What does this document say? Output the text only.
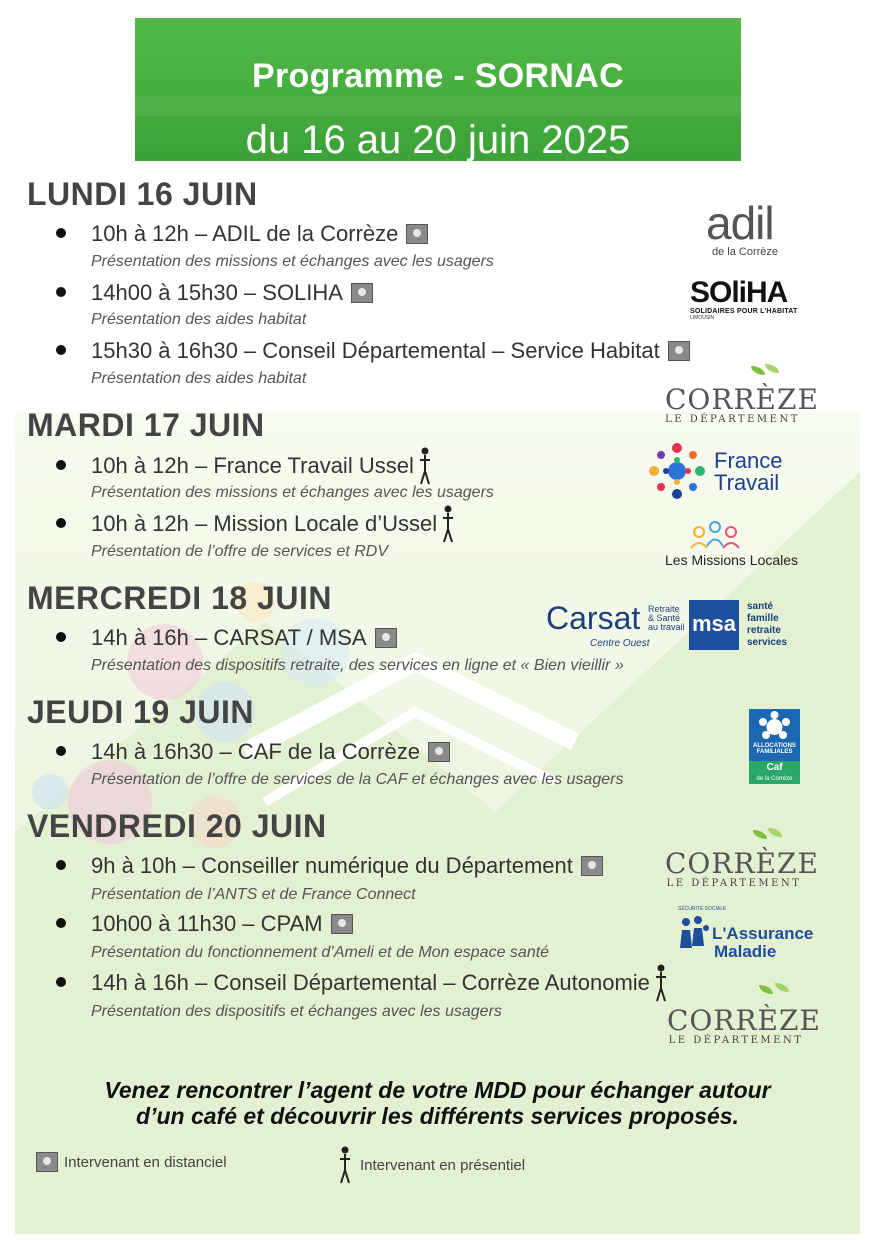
Programme - SORNAC
du 16 au 20 juin 2025
LUNDI 16 JUIN
10h à 12h – ADIL de la Corrèze
Présentation des missions et échanges avec les usagers
14h00 à 15h30 – SOLIHA
Présentation des aides habitat
15h30 à 16h30 – Conseil Départemental – Service Habitat
Présentation des aides habitat
MARDI 17 JUIN
10h à 12h – France Travail Ussel
Présentation des missions et échanges avec les usagers
10h à 12h – Mission Locale d’Ussel
Présentation de l’offre de services et RDV
MERCREDI 18 JUIN
14h à 16h – CARSAT / MSA
Présentation des dispositifs retraite, des services en ligne et « Bien vieillir »
JEUDI 19 JUIN
14h à 16h30 – CAF de la Corrèze
Présentation de l’offre de services de la CAF et échanges avec les usagers
VENDREDI 20 JUIN
9h à 10h – Conseiller numérique du Département
Présentation de l’ANTS et de France Connect
10h00 à 11h30 – CPAM
Présentation du fonctionnement d’Ameli et de Mon espace santé
14h à 16h – Conseil Départemental – Corrèze Autonomie
Présentation des dispositifs et échanges avec les usagers
Venez rencontrer l’agent de votre MDD pour échanger autour
d’un café et découvrir les différents services proposés.
Intervenant en distanciel	Intervenant en présentiel
adil
de la Corrèze
SOliHA
SOLIDAIRES POUR L'HABITAT
LIMOUSIN
CORRÈZE
LE DÉPARTEMENT
France
Travail
Les Missions Locales
Carsat Retraite
& Santé
au travail
Centre Ouest
msa
santé
famille
retraite
services
ALLOCATIONS
FAMILIALES
Caf
de la Corrèze
CORRÈZE
LE DÉPARTEMENT
SÉCURITÉ SOCIALE
L'Assurance
Maladie
CORRÈZE
LE DÉPARTEMENT
